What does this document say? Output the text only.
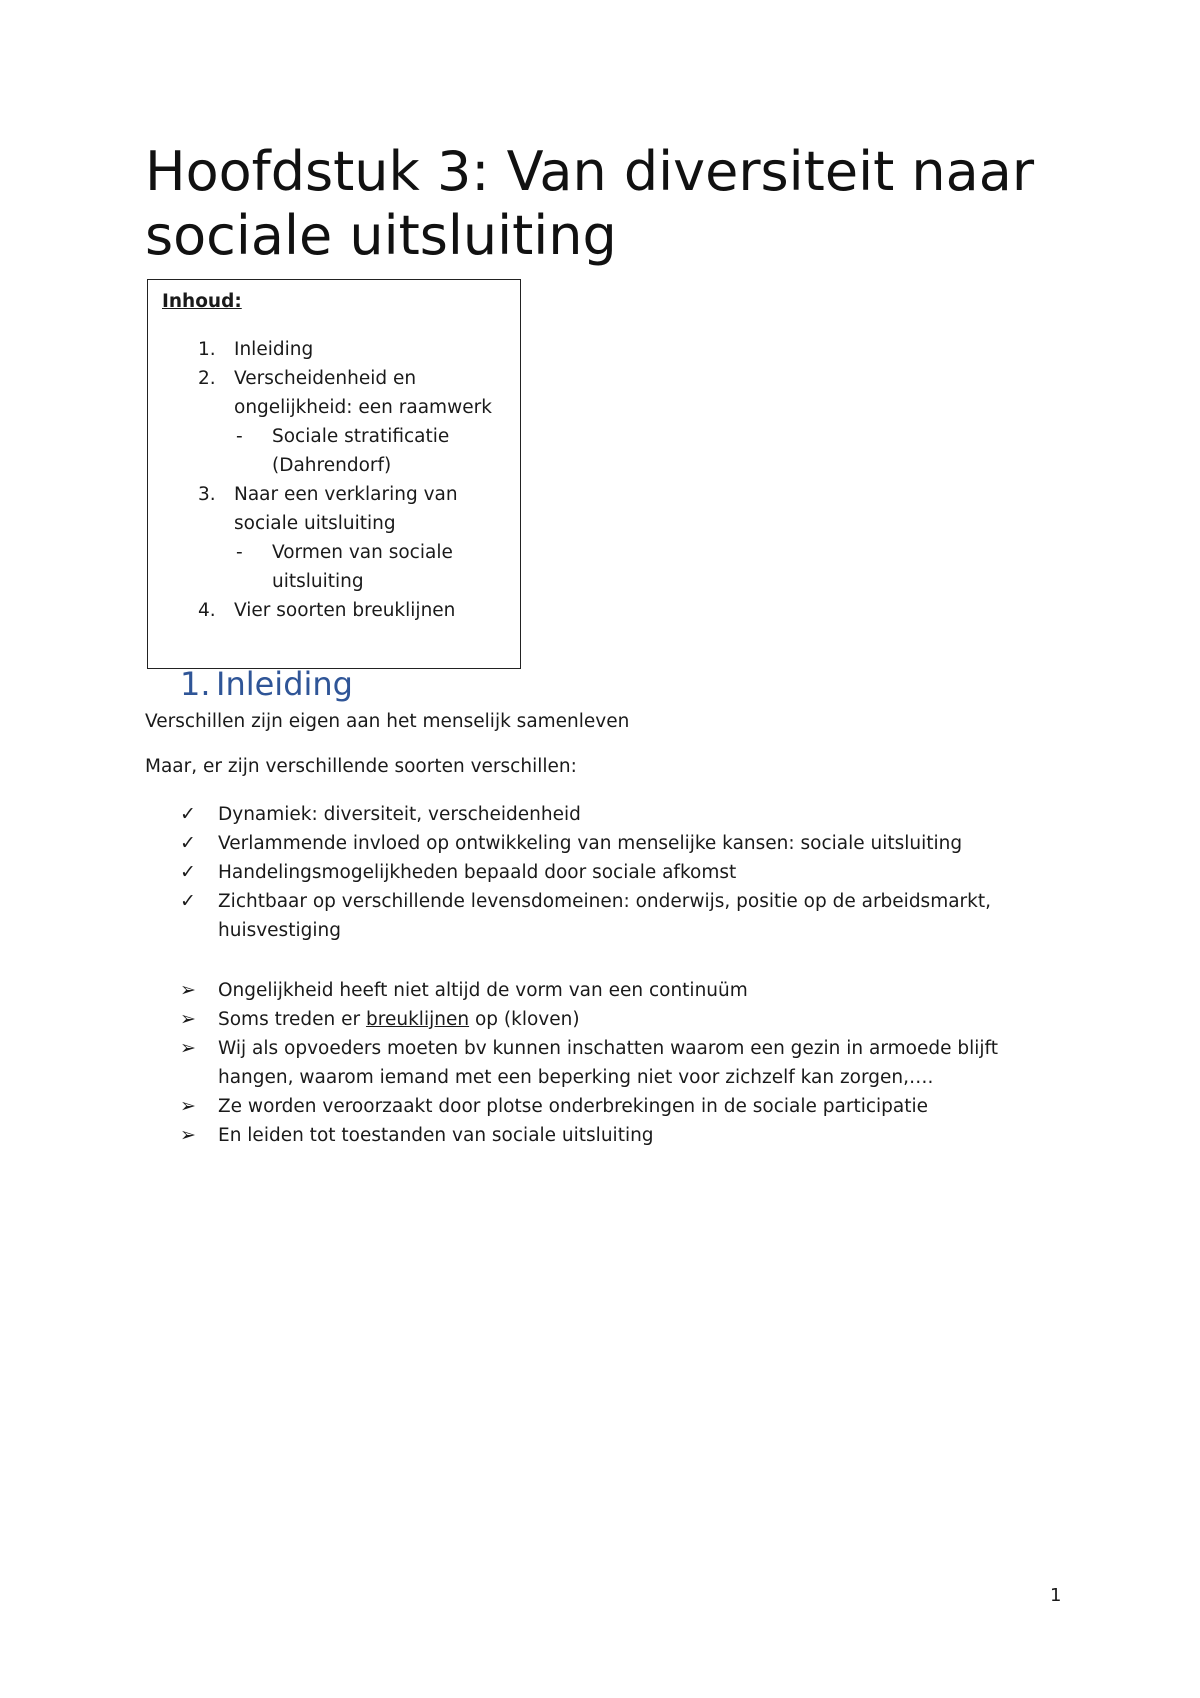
Hoofdstuk 3: Van diversiteit naar sociale uitsluiting
Inhoud:
1. Inleiding
2. Verscheidenheid en ongelijkheid: een raamwerk
- Sociale stratificatie (Dahrendorf)
3. Naar een verklaring van sociale uitsluiting
- Vormen van sociale uitsluiting
4. Vier soorten breuklijnen
1. Inleiding

Verschillen zijn eigen aan het menselijk samenleven

Maar, er zijn verschillende soorten verschillen:

✓	Dynamiek: diversiteit, verscheidenheid
✓	Verlammende invloed op ontwikkeling van menselijke kansen: sociale uitsluiting
✓	Handelingsmogelijkheden bepaald door sociale afkomst
✓	Zichtbaar op verschillende levensdomeinen: onderwijs, positie op de arbeidsmarkt, huisvestiging
➢	Ongelijkheid heeft niet altijd de vorm van een continuüm
➢	Soms treden er breuklijnen op (kloven)
➢	Wij als opvoeders moeten bv kunnen inschatten waarom een gezin in armoede blijft hangen, waarom iemand met een beperking niet voor zichzelf kan zorgen,….
➢	Ze worden veroorzaakt door plotse onderbrekingen in de sociale participatie
➢	En leiden tot toestanden van sociale uitsluiting
1
